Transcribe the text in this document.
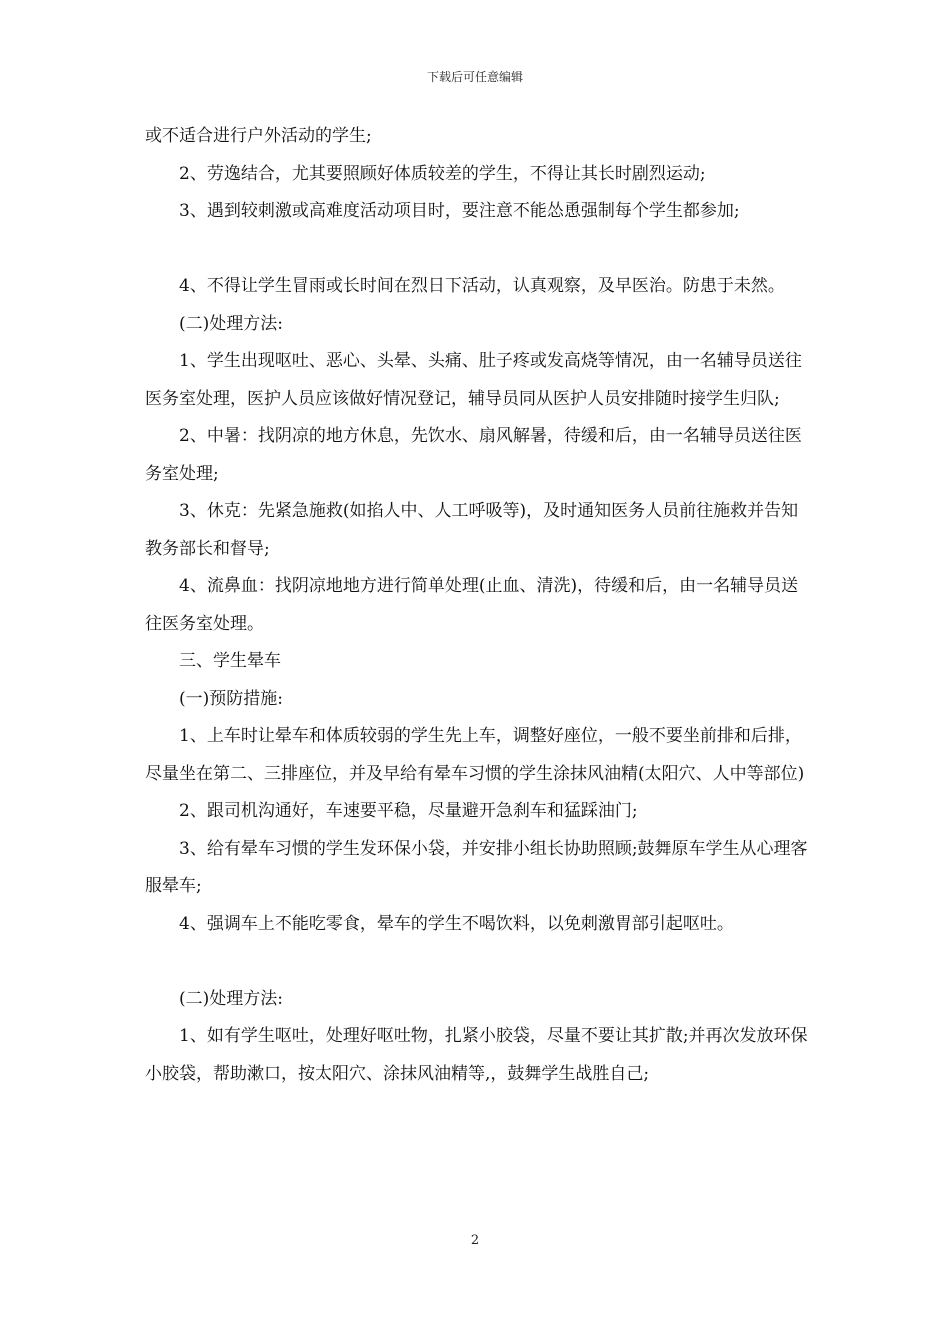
下载后可任意编辑

或不适合进行户外活动的学生;

2、劳逸结合，尤其要照顾好体质较差的学生，不得让其长时剧烈运动;

3、遇到较刺激或高难度活动项目时，要注意不能怂恿强制每个学生都参加;

4、不得让学生冒雨或长时间在烈日下活动，认真观察，及早医治。防患于未然。

(二)处理方法:

1、学生出现呕吐、恶心、头晕、头痛、肚子疼或发高烧等情况，由一名辅导员送往医务室处理，医护人员应该做好情况登记，辅导员同从医护人员安排随时接学生归队;

2、中暑：找阴凉的地方休息，先饮水、扇风解暑，待缓和后，由一名辅导员送往医务室处理;

3、休克：先紧急施救(如掐人中、人工呼吸等)，及时通知医务人员前往施救并告知教务部长和督导;

4、流鼻血：找阴凉地地方进行简单处理(止血、清洗)，待缓和后，由一名辅导员送往医务室处理。

三、学生晕车

(一)预防措施:

1、上车时让晕车和体质较弱的学生先上车，调整好座位，一般不要坐前排和后排，尽量坐在第二、三排座位，并及早给有晕车习惯的学生涂抹风油精(太阳穴、人中等部位)

2、跟司机沟通好，车速要平稳，尽量避开急刹车和猛踩油门;

3、给有晕车习惯的学生发环保小袋，并安排小组长协助照顾;鼓舞原车学生从心理客服晕车;

4、强调车上不能吃零食，晕车的学生不喝饮料，以免刺激胃部引起呕吐。

(二)处理方法:

1、如有学生呕吐，处理好呕吐物，扎紧小胶袋，尽量不要让其扩散;并再次发放环保小胶袋，帮助漱口，按太阳穴、涂抹风油精等,，鼓舞学生战胜自己;

2
